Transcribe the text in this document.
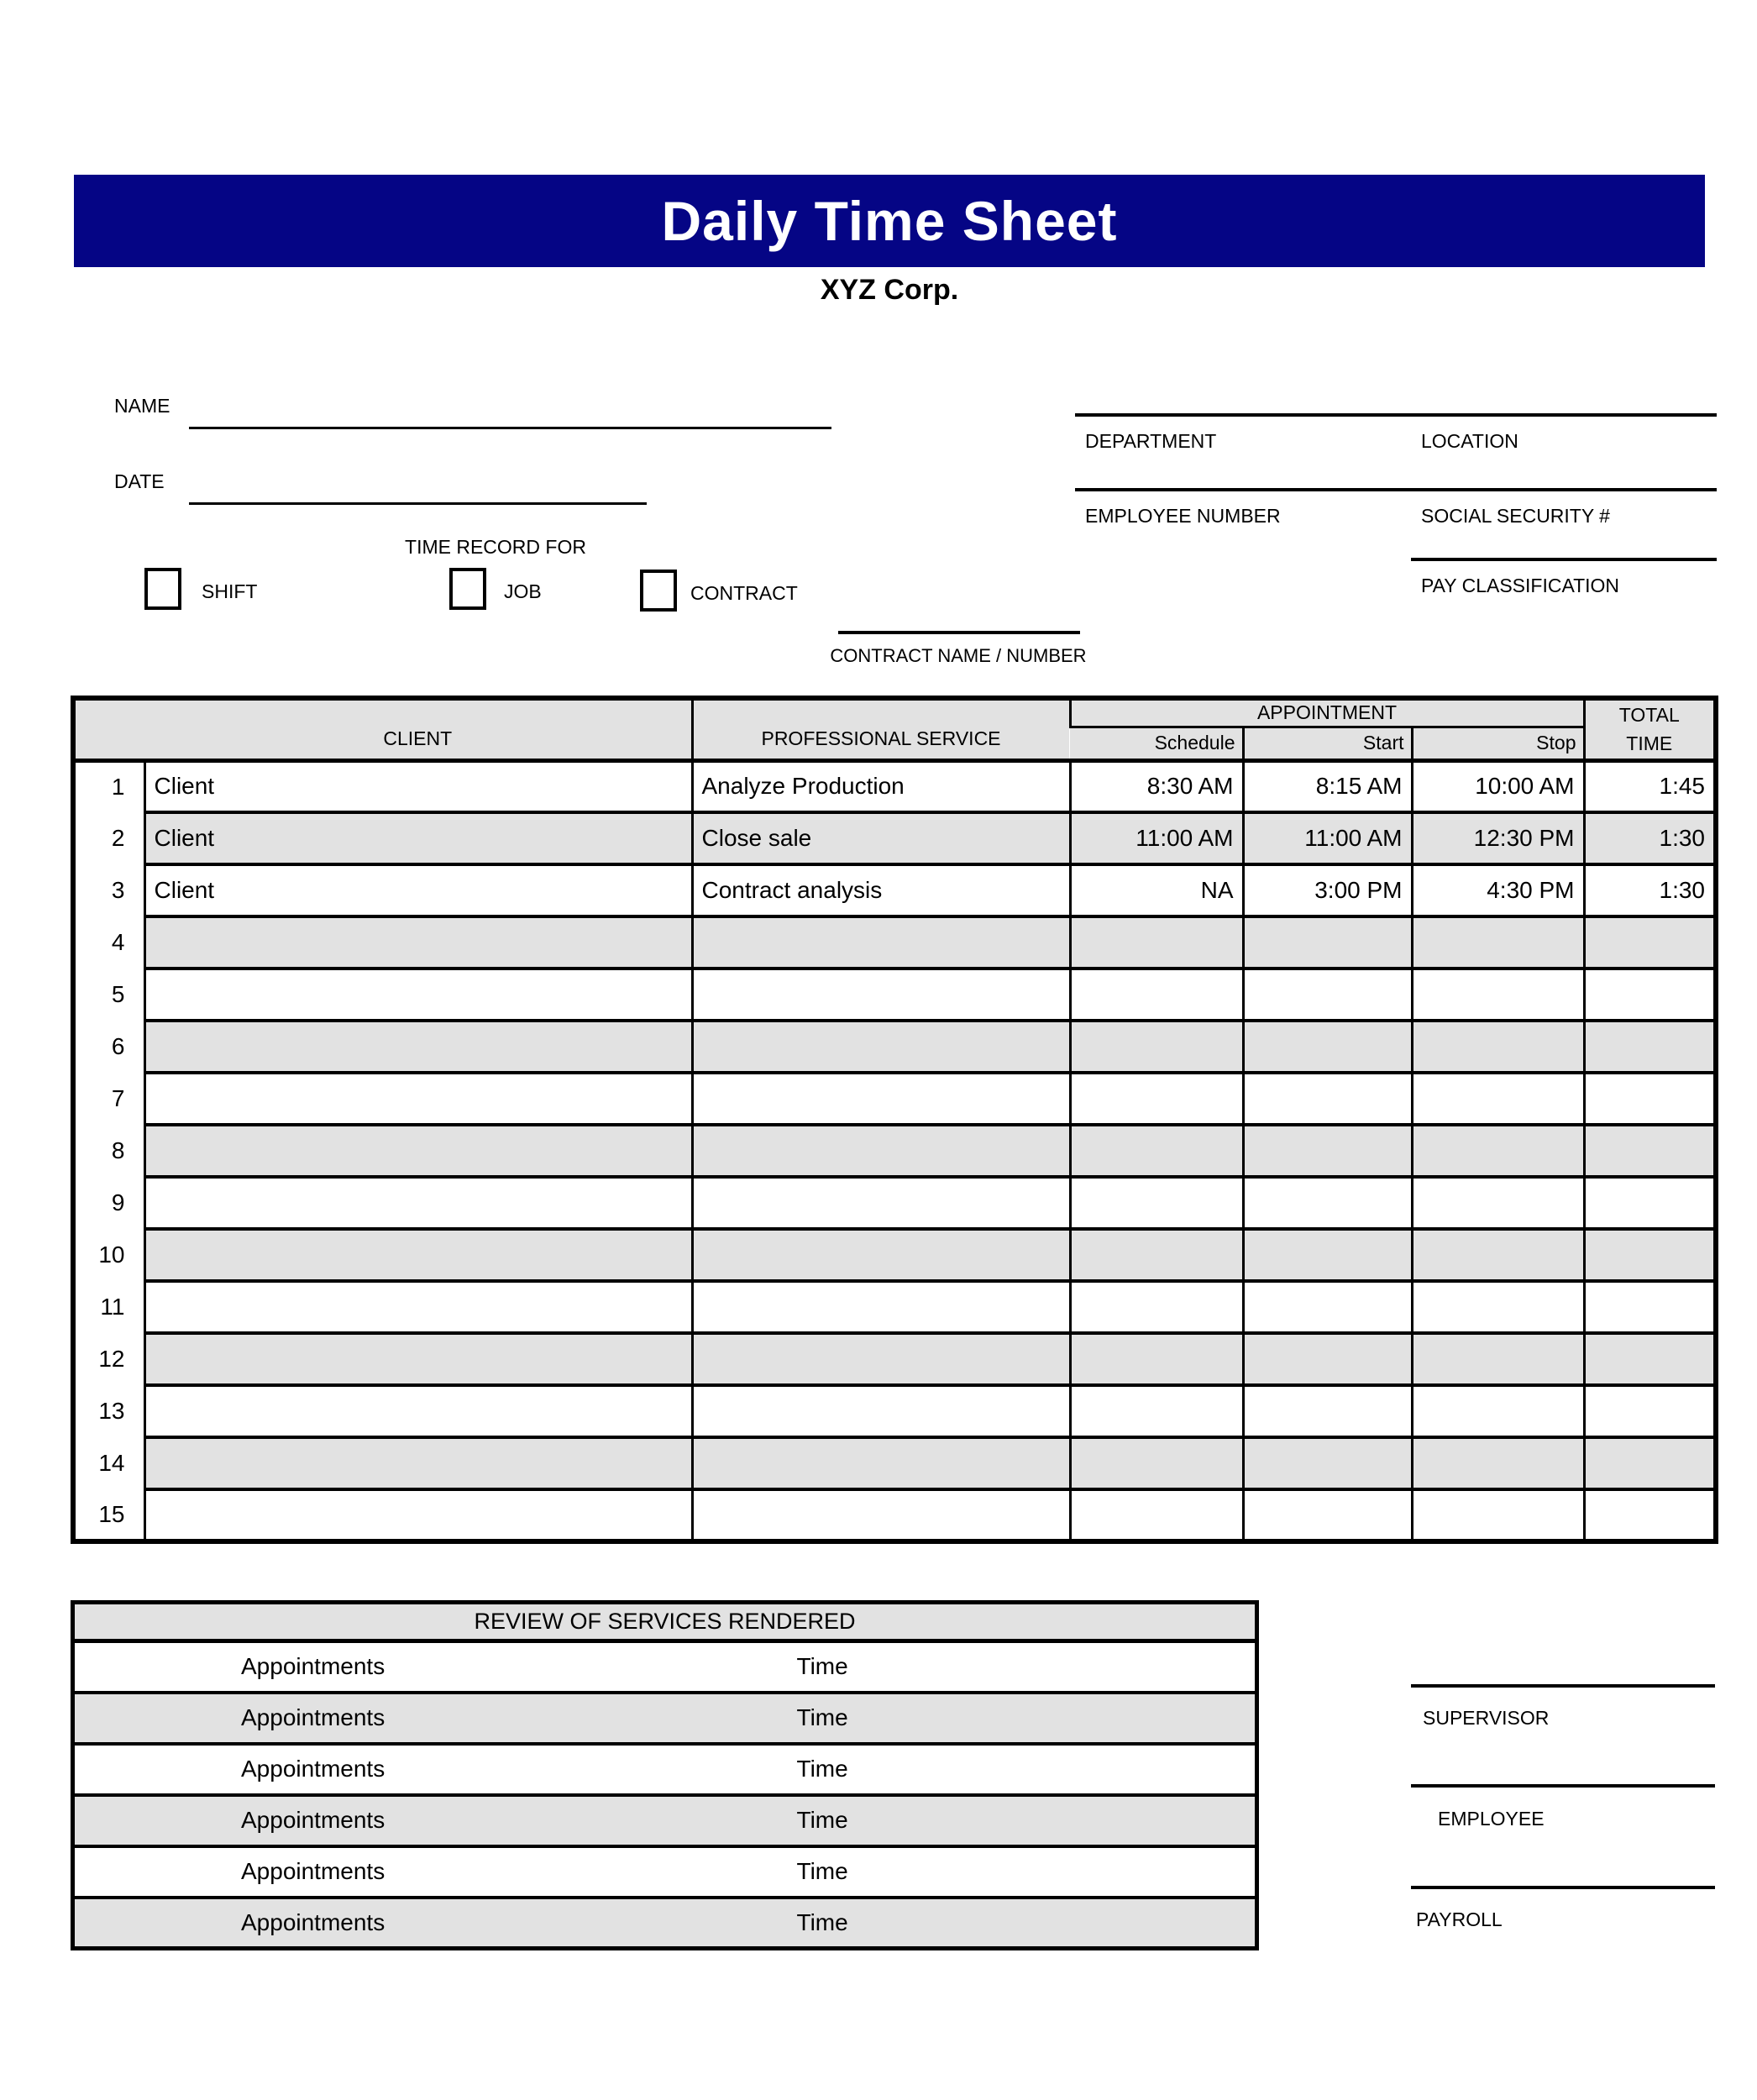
Daily Time Sheet
XYZ Corp.
NAME
DATE
DEPARTMENT	LOCATION
EMPLOYEE NUMBER	SOCIAL SECURITY #
PAY CLASSIFICATION
TIME RECORD FOR
SHIFT	JOB	CONTRACT
CONTRACT NAME / NUMBER
	CLIENT	PROFESSIONAL SERVICE	APPOINTMENT			TOTAL
TIME

			Schedule	Start	Stop	
1	Client	Analyze Production	8:30 AM	8:15 AM	10:00 AM	1:45
2	Client	Close sale	11:00 AM	11:00 AM	12:30 PM	1:30
3	Client	Contract analysis	NA	3:00 PM	4:30 PM	1:30
4						
5						
6						
7						
8						
9						
10						
11						
12						
13						
14						
15						
REVIEW OF SERVICES RENDERED	
Appointments	Time
Appointments	Time
Appointments	Time
Appointments	Time
Appointments	Time
Appointments	Time
SUPERVISOR
EMPLOYEE
PAYROLL
